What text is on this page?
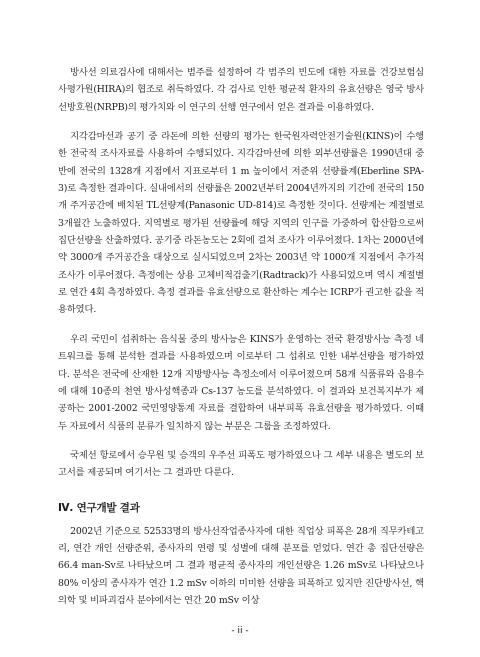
방사선 의료검사에 대해서는 범주를 설정하여 각 범주의 빈도에 대한 자료를 건강보험심사평가원(HIRA)의 협조로 취득하였다. 각 검사로 인한 평균적 환자의 유효선량은 영국 방사선방호원(NRPB)의 평가치와 이 연구의 선행 연구에서 얻은 결과를 이용하였다.

지각감마선과 공기 중 라돈에 의한 선량의 평가는 한국원자력안전기술원(KINS)이 수행한 전국적 조사자료를 사용하여 수행되었다. 지각감마선에 의한 외부선량률은 1990년대 중반에 전국의 1328개 지점에서 지표로부터 1 m 높이에서 저준위 선량률계(Eberline SPA-3)로 측정한 결과이다. 실내에서의 선량률은 2002년부터 2004년까지의 기간에 전국의 150개 주거공간에 배치된 TL선량계(Panasonic UD-814)로 측정한 것이다. 선량계는 계절별로 3개월간 노출하였다. 지역별로 평가된 선량률에 해당 지역의 인구를 가중하여 합산함으로써 집단선량을 산출하였다. 공기중 라돈농도는 2회에 걸쳐 조사가 이루어졌다. 1차는 2000년에 약 3000개 주거공간을 대상으로 실시되었으며 2차는 2003년 약 1000개 지점에서 추가적 조사가 이루어졌다. 측정에는 상용 고체비적검출기(Radtrack)가 사용되었으며 역시 계절별로 연간 4회 측정하였다. 측정 결과를 유효선량으로 환산하는 계수는 ICRP가 권고한 값을 적용하였다.

우리 국민이 섭취하는 음식물 중의 방사능은 KINS가 운영하는 전국 환경방사능 측정 네트워크를 통해 분석한 결과를 사용하였으며 이로부터 그 섭취로 인한 내부선량을 평가하였다. 분석은 전국에 산재한 12개 지방방사능 측정소에서 이루어졌으며 58개 식품류와 음용수에 대해 10종의 천연 방사성핵종과 Cs-137 농도를 분석하였다. 이 결과와 보건복지부가 제공하는 2001-2002 국민영양통계 자료를 결합하여 내부피폭 유효선량을 평가하였다. 이때 두 자료에서 식품의 분류가 일치하지 않는 부분은 그룹을 조정하였다.

국제선 항로에서 승무원 및 승객의 우주선 피폭도 평가하였으나 그 세부 내용은 별도의 보고서를 제공되며 여기서는 그 결과만 다룬다.

Ⅳ. 연구개발 결과

2002년 기준으로 52533명의 방사선작업종사자에 대한 직업상 피폭은 28개 직무카테고리, 연간 개인 선량준위, 종사자의 연령 및 성별에 대해 분포를 얻었다. 연간 총 집단선량은 66.4 man-Sv로 나타났으며 그 결과 평균적 종사자의 개인선량은 1.26 mSv로 나타났으나 80% 이상의 종사자가 연간 1.2 mSv 이하의 미미한 선량을 피폭하고 있지만 진단방사선, 핵의학 및 비파괴검사 분야에서는 연간 20 mSv 이상

- ii -
